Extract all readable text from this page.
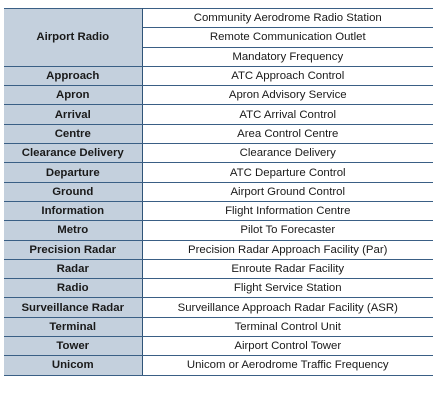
Airport Radio	Community Aerodrome Radio Station
	Remote Communication Outlet
	Mandatory Frequency
Approach	ATC Approach Control
Apron	Apron Advisory Service
Arrival	ATC Arrival Control
Centre	Area Control Centre
Clearance Delivery	Clearance Delivery
Departure	ATC Departure Control
Ground	Airport Ground Control
Information	Flight Information Centre
Metro	Pilot To Forecaster
Precision Radar	Precision Radar Approach Facility (Par)
Radar	Enroute Radar Facility
Radio	Flight Service Station
Surveillance Radar	Surveillance Approach Radar Facility (ASR)
Terminal	Terminal Control Unit
Tower	Airport Control Tower
Unicom	Unicom or Aerodrome Traffic Frequency
